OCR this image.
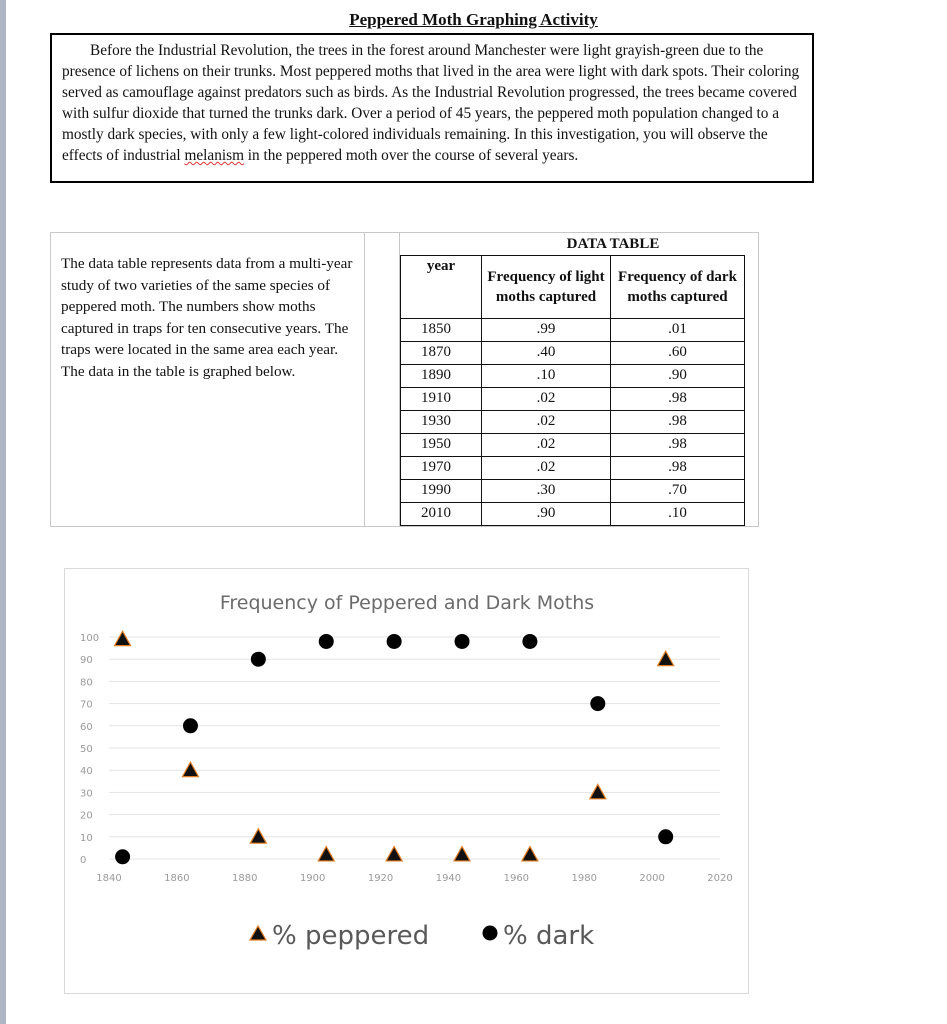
Peppered Moth Graphing Activity

Before the Industrial Revolution, the trees in the forest around Manchester were light grayish-green due to the presence of lichens on their trunks. Most peppered moths that lived in the area were light with dark spots. Their coloring served as camouflage against predators such as birds. As the Industrial Revolution progressed, the trees became covered with sulfur dioxide that turned the trunks dark. Over a period of 45 years, the peppered moth population changed to a mostly dark species, with only a few light-colored individuals remaining. In this investigation, you will observe the effects of industrial melanism in the peppered moth over the course of several years.

The data table represents data from a multi-year study of two varieties of the same species of peppered moth. The numbers show moths captured in traps for ten consecutive years. The traps were located in the same area each year. The data in the table is graphed below.

	DATA TABLE
year	Frequency of light moths captured	Frequency of dark moths captured
1850	.99	.01
1870	.40	.60
1890	.10	.90
1910	.02	.98
1930	.02	.98
1950	.02	.98
1970	.02	.98
1990	.30	.70
2010	.90	.10
Frequency of Peppered and Dark Moths
100
90
80
70
60
50
40
30
20
10
0
1840	1860	1880	1900	1920	1940	1960	1980	2000	2020
% peppered	% dark
